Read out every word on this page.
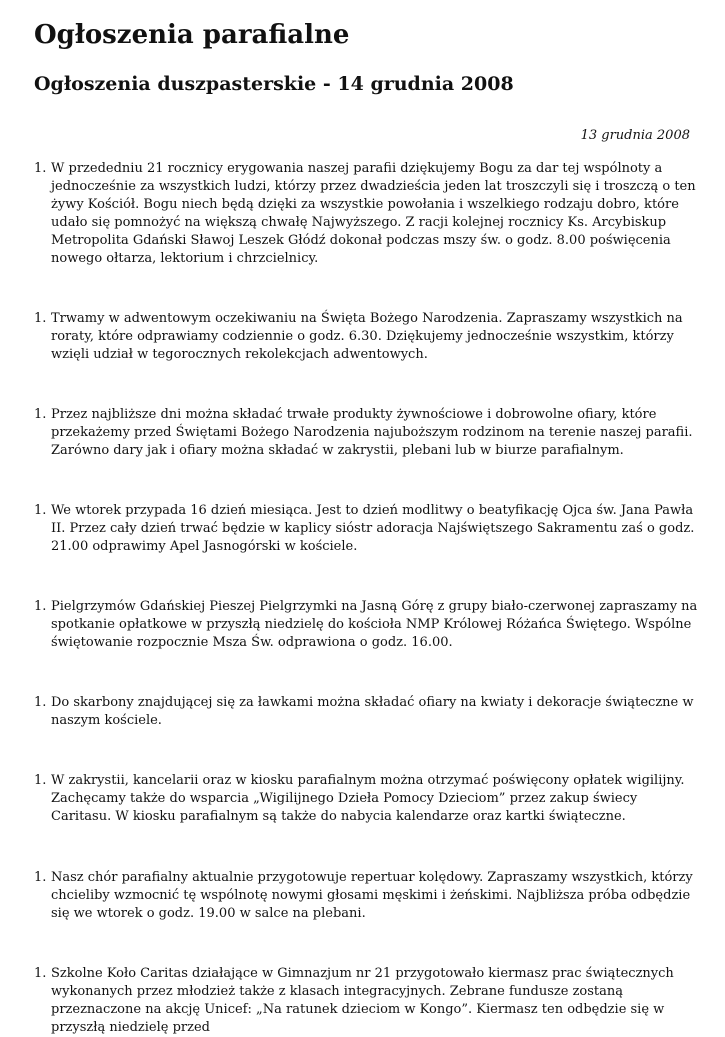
Ogłoszenia parafialne
Ogłoszenia duszpasterskie - 14 grudnia 2008
13 grudnia 2008
1. W przededniu 21 rocznicy erygowania naszej parafii dziękujemy Bogu za dar tej wspólnoty a jednocześnie za wszystkich ludzi, którzy przez dwadzieścia jeden lat troszczyli się i troszczą o ten żywy Kościół. Bogu niech będą dzięki za wszystkie powołania i wszelkiego rodzaju dobro, które udało się pomnożyć na większą chwałę Najwyższego. Z racji kolejnej rocznicy Ks. Arcybiskup Metropolita Gdański Sławoj Leszek Głódź dokonał podczas mszy św. o godz. 8.00 poświęcenia nowego ołtarza, lektorium i chrzcielnicy.
1. Trwamy w adwentowym oczekiwaniu na Święta Bożego Narodzenia. Zapraszamy wszystkich na roraty, które odprawiamy codziennie o godz. 6.30. Dziękujemy jednocześnie wszystkim, którzy wzięli udział w tegorocznych rekolekcjach adwentowych.
1. Przez najbliższe dni można składać trwałe produkty żywnościowe i dobrowolne ofiary, które przekażemy przed Świętami Bożego Narodzenia najuboższym rodzinom na terenie naszej parafii. Zarówno dary jak i ofiary można składać w zakrystii, plebani lub w biurze parafialnym.
1. We wtorek przypada 16 dzień miesiąca. Jest to dzień modlitwy o beatyfikację Ojca św. Jana Pawła II. Przez cały dzień trwać będzie w kaplicy sióstr adoracja Najświętszego Sakramentu zaś o godz. 21.00 odprawimy Apel Jasnogórski w kościele.
1. Pielgrzymów Gdańskiej Pieszej Pielgrzymki na Jasną Górę z grupy biało-czerwonej zapraszamy na spotkanie opłatkowe w przyszłą niedzielę do kościoła NMP Królowej Różańca Świętego. Wspólne świętowanie rozpocznie Msza Św. odprawiona o godz. 16.00.
1. Do skarbony znajdującej się za ławkami można składać ofiary na kwiaty i dekoracje świąteczne w naszym kościele.
1. W zakrystii, kancelarii oraz w kiosku parafialnym można otrzymać poświęcony opłatek wigilijny. Zachęcamy także do wsparcia „Wigilijnego Dzieła Pomocy Dzieciom” przez zakup świecy Caritasu. W kiosku parafialnym są także do nabycia kalendarze oraz kartki świąteczne.
1. Nasz chór parafialny aktualnie przygotowuje repertuar kolędowy. Zapraszamy wszystkich, którzy chcieliby wzmocnić tę wspólnotę nowymi głosami męskimi i żeńskimi. Najbliższa próba odbędzie się we wtorek o godz. 19.00 w salce na plebani.
1. Szkolne Koło Caritas działające w Gimnazjum nr 21 przygotowało kiermasz prac świątecznych wykonanych przez młodzież także z klasach integracyjnych. Zebrane fundusze zostaną przeznaczone na akcję Unicef: „Na ratunek dzieciom w Kongo”. Kiermasz ten odbędzie się w przyszłą niedzielę przed
